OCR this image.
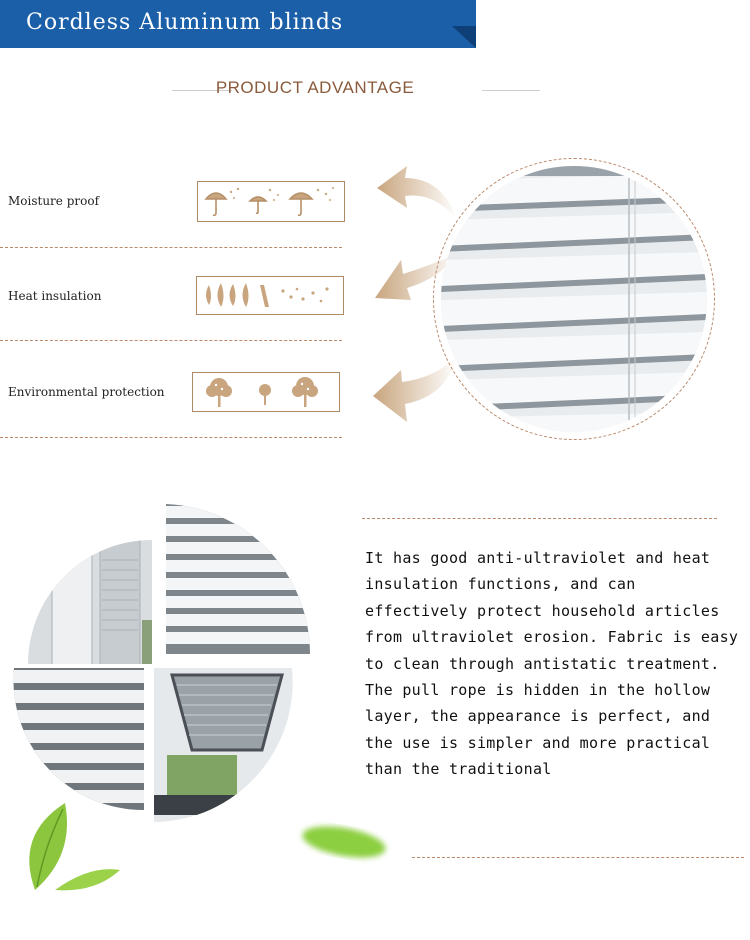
Cordless Aluminum blinds
PRODUCT ADVANTAGE
Moisture proof
Heat insulation
Environmental protection
It has good anti-ultraviolet and heat insulation functions, and can effectively protect household articles from ultraviolet erosion. Fabric is easy to clean through antistatic treatment. The pull rope is hidden in the hollow layer, the appearance is perfect, and the use is simpler and more practical than the traditional
